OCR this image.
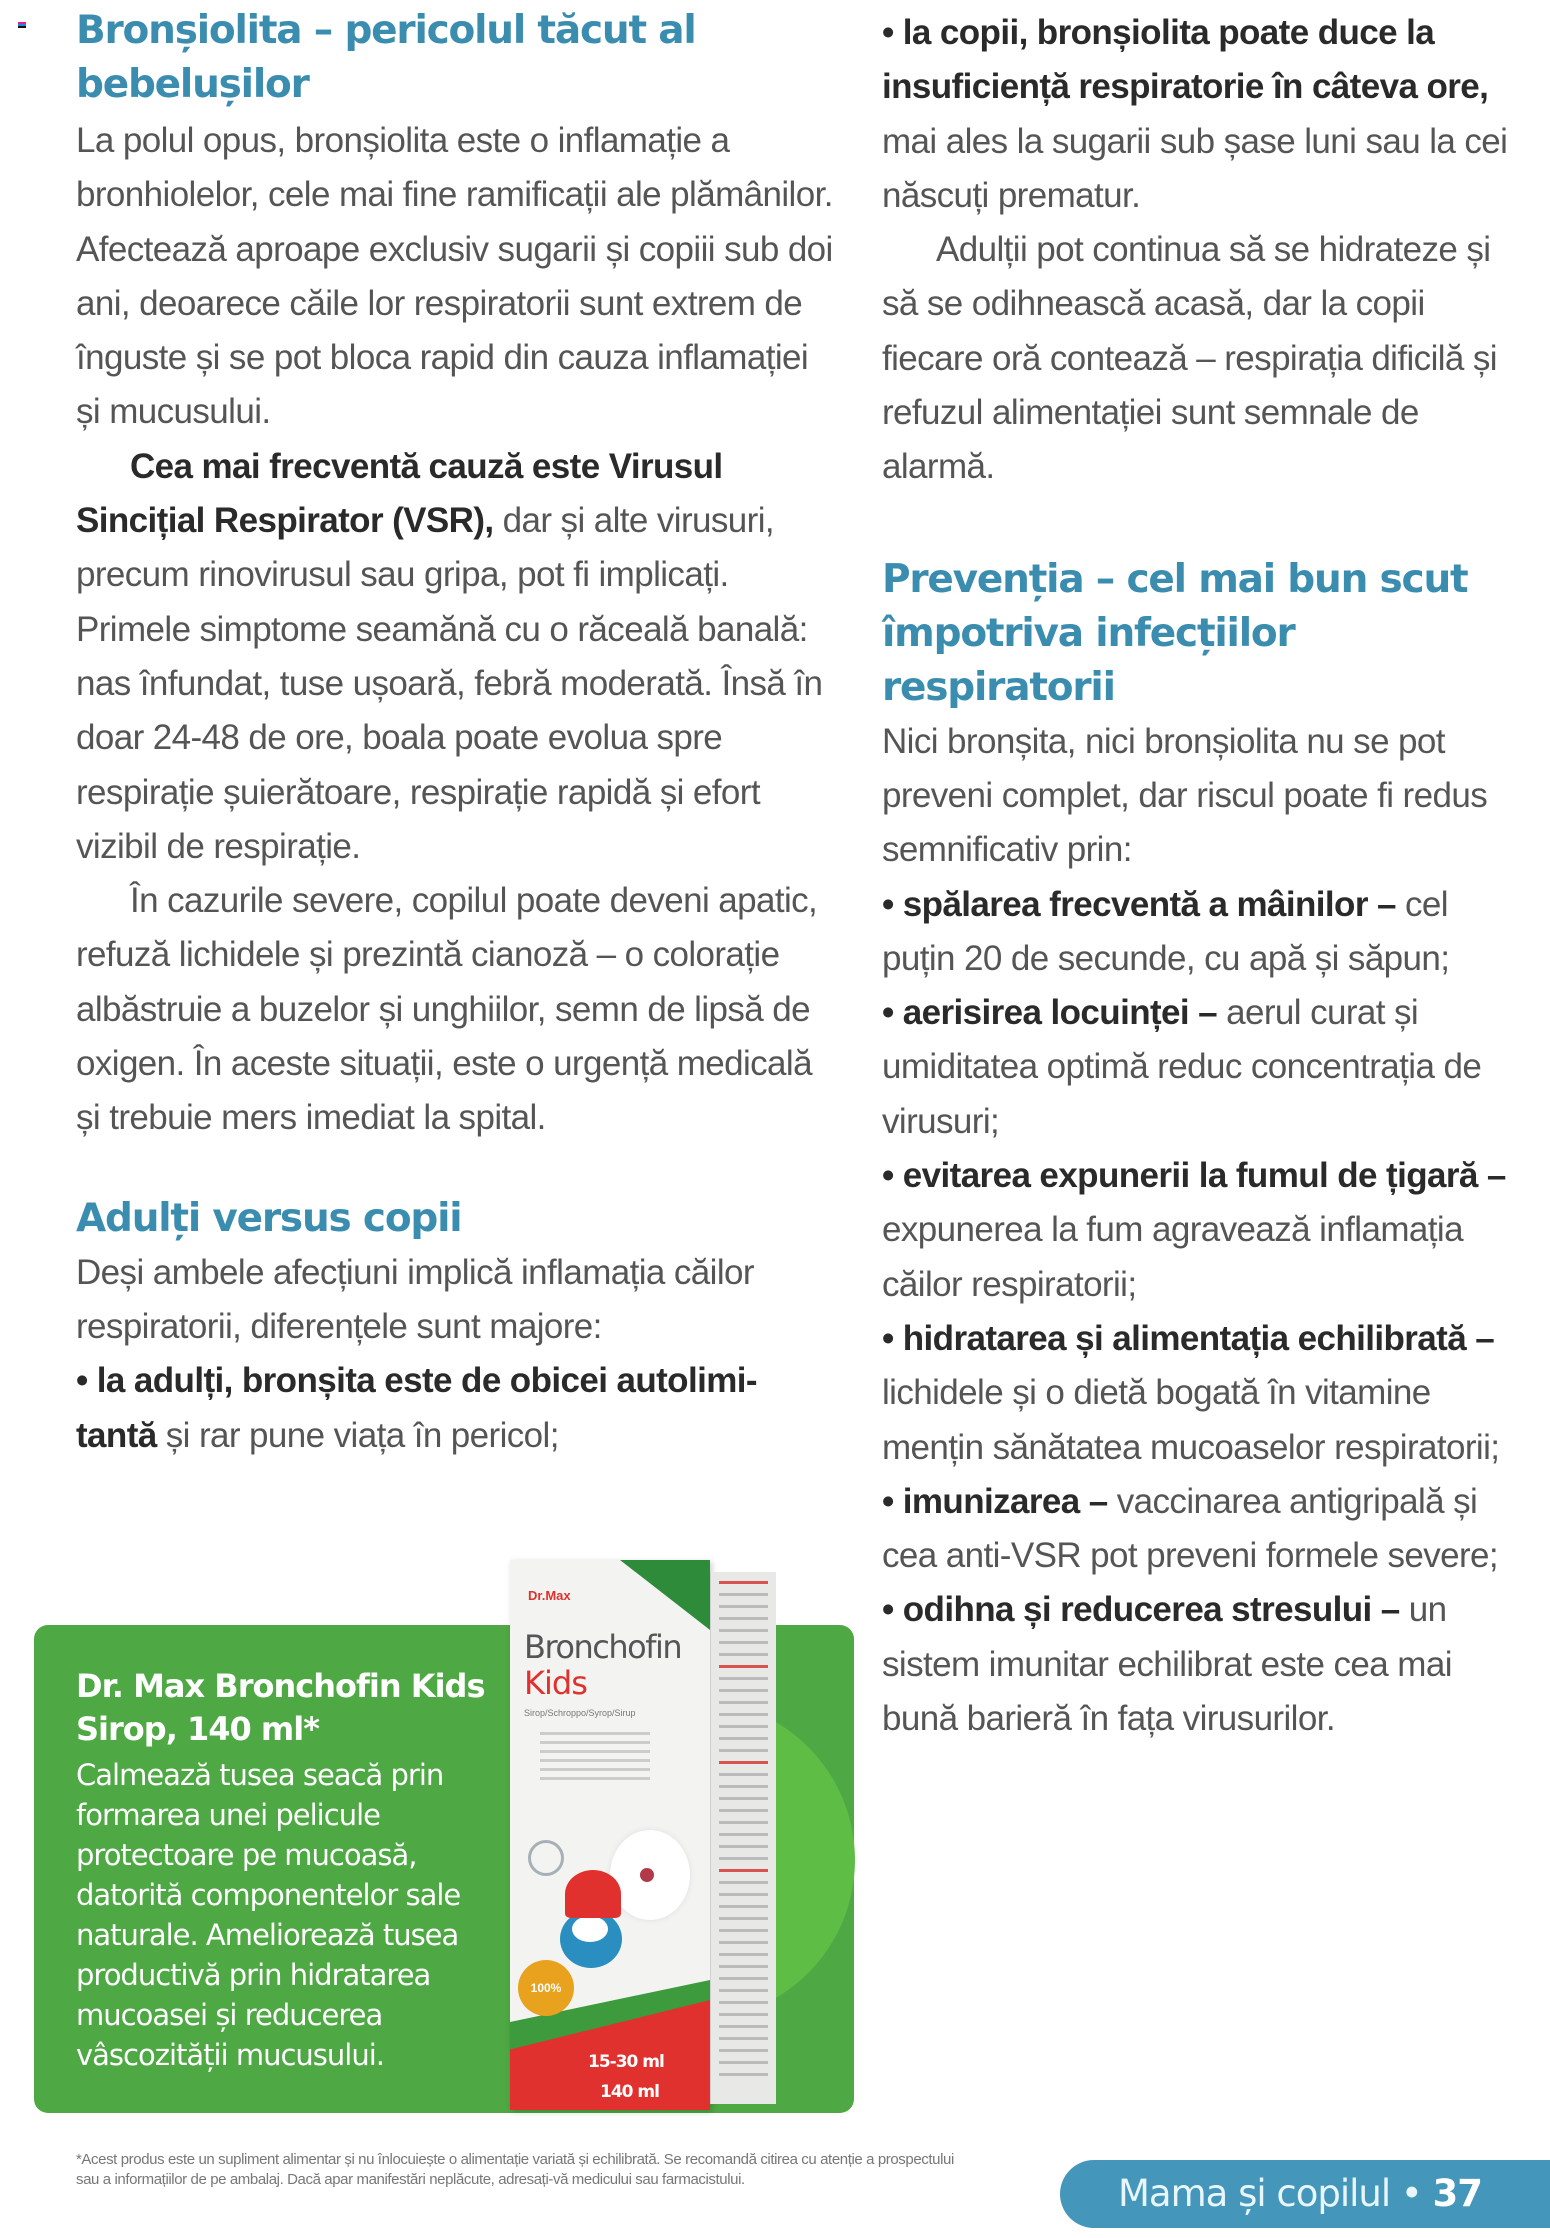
Bronșiolita – pericolul tăcut al bebelușilor

La polul opus, bronșiolita este o inflamație a bronhiolelor, cele mai fine ramificații ale plămânilor. Afectează aproape exclusiv sugarii și copiii sub doi ani, deoarece căile lor respiratorii sunt extrem de înguste și se pot bloca rapid din cauza inflamației și mucusului.

Cea mai frecventă cauză este Virusul Sincițial Respirator (VSR), dar și alte virusuri, precum rinovirusul sau gripa, pot fi implicați. Primele simptome seamănă cu o răceală banală: nas înfundat, tuse ușoară, febră moderată. Însă în doar 24-48 de ore, boala poate evolua spre respirație șuierătoare, respirație rapidă și efort vizibil de respirație.

În cazurile severe, copilul poate deveni apatic, refuză lichidele și prezintă cianoză – o colorație albăstruie a buzelor și unghiilor, semn de lipsă de oxigen. În aceste situații, este o urgență medicală și trebuie mers imediat la spital.

Adulți versus copii

Deși ambele afecțiuni implică inflamația căilor respiratorii, diferențele sunt majore:

• la adulți, bronșita este de obicei autolimi-tantă și rar pune viața în pericol;

• la copii, bronșiolita poate duce la insuficiență respiratorie în câteva ore, mai ales la sugarii sub șase luni sau la cei născuți prematur.

Adulții pot continua să se hidrateze și să se odihnească acasă, dar la copii fiecare oră contează – respirația dificilă și refuzul alimentației sunt semnale de alarmă.

Prevenția – cel mai bun scut împotriva infecțiilor respiratorii

Nici bronșita, nici bronșiolita nu se pot preveni complet, dar riscul poate fi redus semnificativ prin:

• spălarea frecventă a mâinilor – cel puțin 20 de secunde, cu apă și săpun;

• aerisirea locuinței – aerul curat și umiditatea optimă reduc concentrația de virusuri;

• evitarea expunerii la fumul de țigară – expunerea la fum agravează inflamația căilor respiratorii;

• hidratarea și alimentația echilibrată – lichidele și o dietă bogată în vitamine mențin sănătatea mucoaselor respiratorii;

• imunizarea – vaccinarea antigripală și cea anti-VSR pot preveni formele severe;

• odihna și reducerea stresului – un sistem imunitar echilibrat este cea mai bună barieră în fața virusurilor.

Dr. Max Bronchofin Kids Sirop, 140 ml*

Calmează tusea seacă prin formarea unei pelicule protectoare pe mucoasă, datorită componentelor sale naturale. Ameliorează tusea productivă prin hidratarea mucoasei și reducerea vâscozității mucusului.

Dr.Max
Bronchofin
Kids
Sirop/Schroppo/Syrop/Sirup
100%
15-30 ml
140 ml

*Acest produs este un supliment alimentar și nu înlocuiește o alimentație variată și echilibrată. Se recomandă citirea cu atenție a prospectului sau a informațiilor de pe ambalaj. Dacă apar manifestări neplăcute, adresați-vă medicului sau farmacistului.	Mama și copilul • 37
